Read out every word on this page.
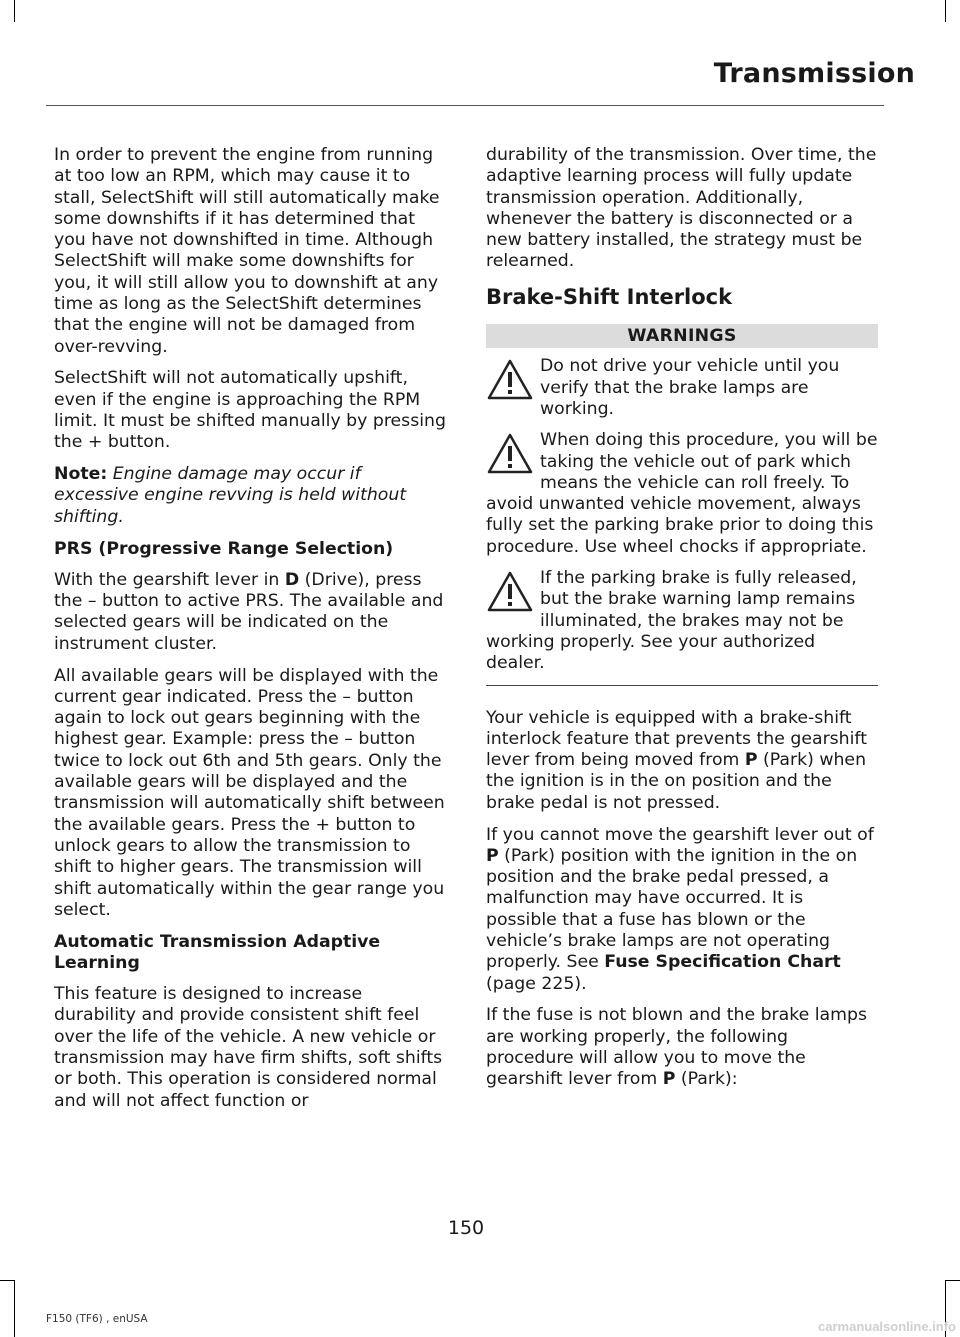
Transmission

In order to prevent the engine from running at too low an RPM, which may cause it to stall, SelectShift will still automatically make some downshifts if it has determined that you have not downshifted in time. Although SelectShift will make some downshifts for you, it will still allow you to downshift at any time as long as the SelectShift determines that the engine will not be damaged from over-revving.

SelectShift will not automatically upshift, even if the engine is approaching the RPM limit. It must be shifted manually by pressing the + button.

Note: Engine damage may occur if excessive engine revving is held without shifting.

PRS (Progressive Range Selection)

With the gearshift lever in D (Drive), press the – button to active PRS. The available and selected gears will be indicated on the instrument cluster.

All available gears will be displayed with the current gear indicated. Press the – button again to lock out gears beginning with the highest gear. Example: press the – button twice to lock out 6th and 5th gears. Only the available gears will be displayed and the transmission will automatically shift between the available gears. Press the + button to unlock gears to allow the transmission to shift to higher gears. The transmission will shift automatically within the gear range you select.

Automatic Transmission Adaptive Learning

This feature is designed to increase durability and provide consistent shift feel over the life of the vehicle. A new vehicle or transmission may have firm shifts, soft shifts or both. This operation is considered normal and will not affect function or

durability of the transmission. Over time, the adaptive learning process will fully update transmission operation. Additionally, whenever the battery is disconnected or a new battery installed, the strategy must be relearned.

Brake-Shift Interlock
WARNINGS
Do not drive your vehicle until you verify that the brake lamps are working.
When doing this procedure, you will be taking the vehicle out of park which means the vehicle can roll freely. To avoid unwanted vehicle movement, always fully set the parking brake prior to doing this procedure. Use wheel chocks if appropriate.
If the parking brake is fully released, but the brake warning lamp remains illuminated, the brakes may not be working properly. See your authorized dealer.

Your vehicle is equipped with a brake-shift interlock feature that prevents the gearshift lever from being moved from P (Park) when the ignition is in the on position and the brake pedal is not pressed.

If you cannot move the gearshift lever out of P (Park) position with the ignition in the on position and the brake pedal pressed, a malfunction may have occurred. It is possible that a fuse has blown or the vehicle’s brake lamps are not operating properly. See Fuse Specification Chart (page 225).

If the fuse is not blown and the brake lamps are working properly, the following procedure will allow you to move the gearshift lever from P (Park):

150
F150 (TF6) , enUSA	carmanualsonline.info
